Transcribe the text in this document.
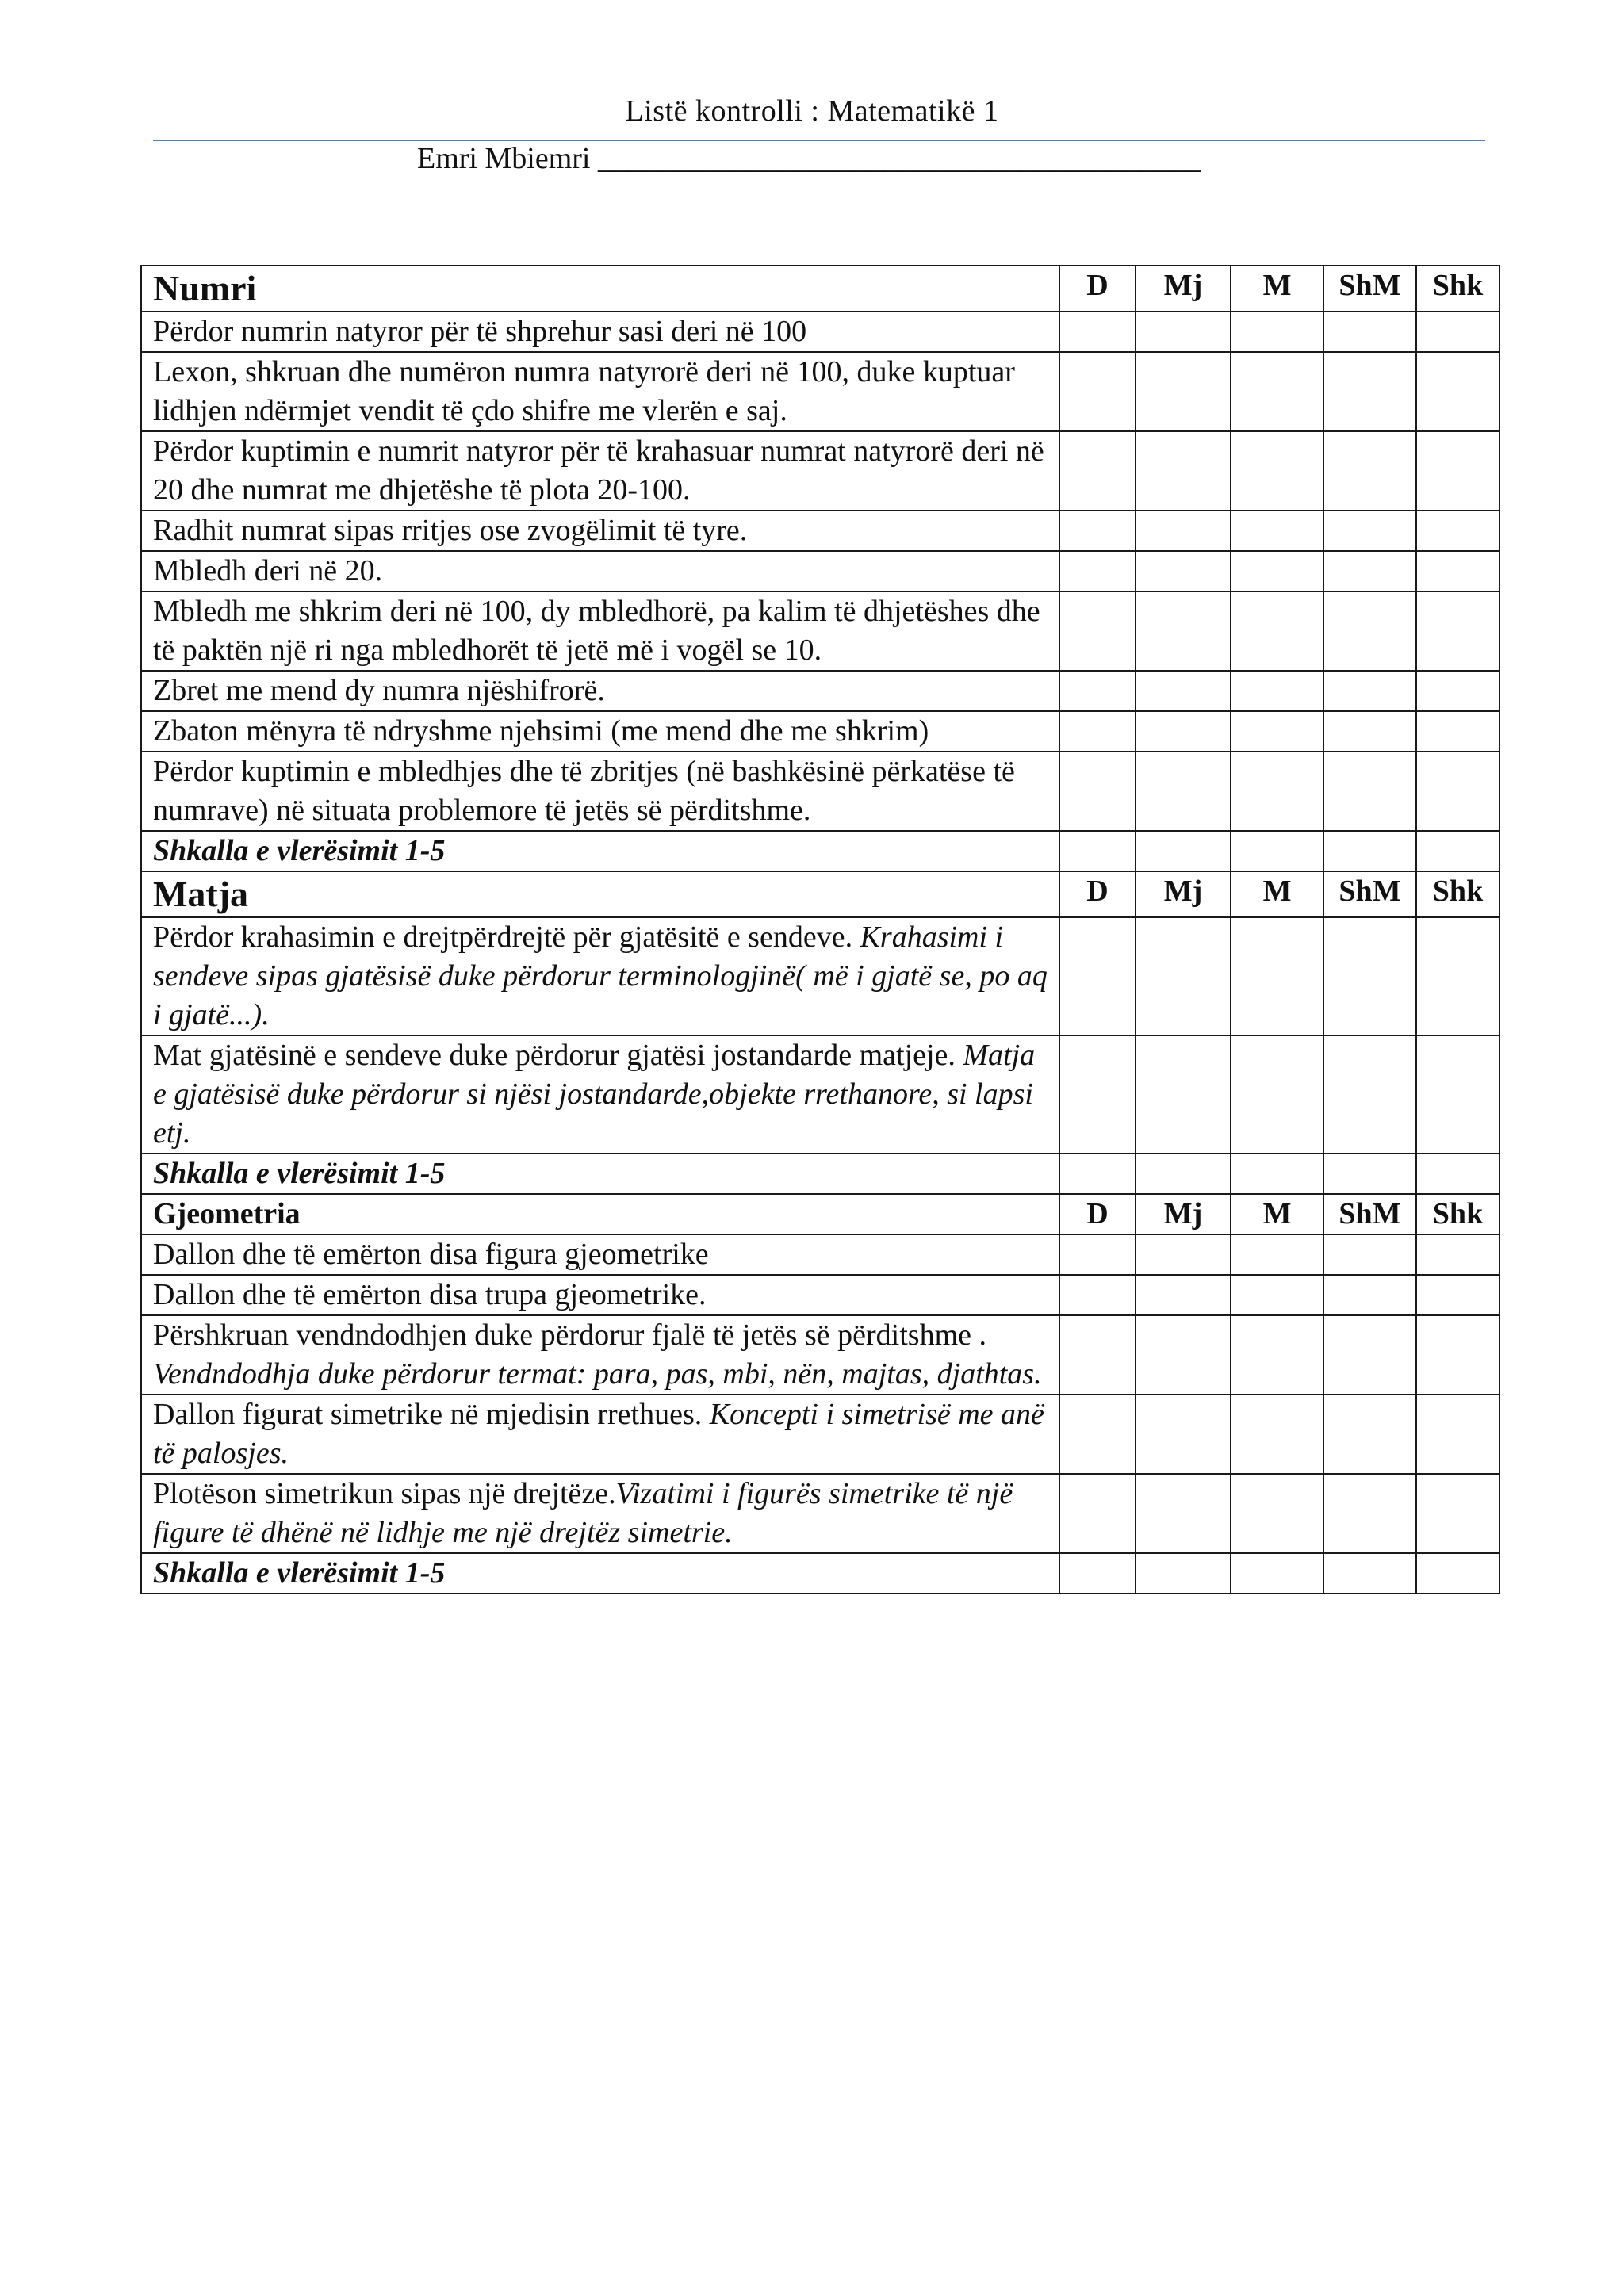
Listë kontrolli : Matematikë 1
Emri Mbiemri ________________________________________
Numri	D	Mj	M	ShM	Shk
Përdor numrin natyror për të shprehur sasi deri në 100					
Lexon, shkruan dhe numëron numra natyrorë deri në 100, duke kuptuar lidhjen ndërmjet vendit të çdo shifre me vlerën e saj.					
Përdor kuptimin e numrit natyror për të krahasuar numrat natyrorë deri në 20 dhe numrat me dhjetëshe të plota 20-100.					
Radhit numrat sipas rritjes ose zvogëlimit të tyre.					
Mbledh deri në 20.					
Mbledh me shkrim deri në 100, dy mbledhorë, pa kalim të dhjetëshes dhe të paktën një ri nga mbledhorët të jetë më i vogël se 10.					
Zbret me mend dy numra njëshifrorë.					
Zbaton mënyra të ndryshme njehsimi (me mend dhe me shkrim)					
Përdor kuptimin e mbledhjes dhe të zbritjes (në bashkësinë përkatëse të numrave) në situata problemore të jetës së përditshme.					
Shkalla e vlerësimit 1-5					
Matja	D	Mj	M	ShM	Shk
Përdor krahasimin e drejtpërdrejtë për gjatësitë e sendeve. Krahasimi i sendeve sipas gjatësisë duke përdorur terminologjinë( më i gjatë se, po aq i gjatë...).					
Mat gjatësinë e sendeve duke përdorur gjatësi jostandarde matjeje. Matja e gjatësisë duke përdorur si njësi jostandarde,objekte rrethanore, si lapsi etj.					
Shkalla e vlerësimit 1-5					
Gjeometria	D	Mj	M	ShM	Shk
Dallon dhe të emërton disa figura gjeometrike					
Dallon dhe të emërton disa trupa gjeometrike.					
Përshkruan vendndodhjen duke përdorur fjalë të jetës së përditshme . Vendndodhja duke përdorur termat: para, pas, mbi, nën, majtas, djathtas.					
Dallon figurat simetrike në mjedisin rrethues. Koncepti i simetrisë me anë të palosjes.					
Plotëson simetrikun sipas një drejtëze.Vizatimi i figurës simetrike të një figure të dhënë në lidhje me një drejtëz simetrie.					
Shkalla e vlerësimit 1-5					
